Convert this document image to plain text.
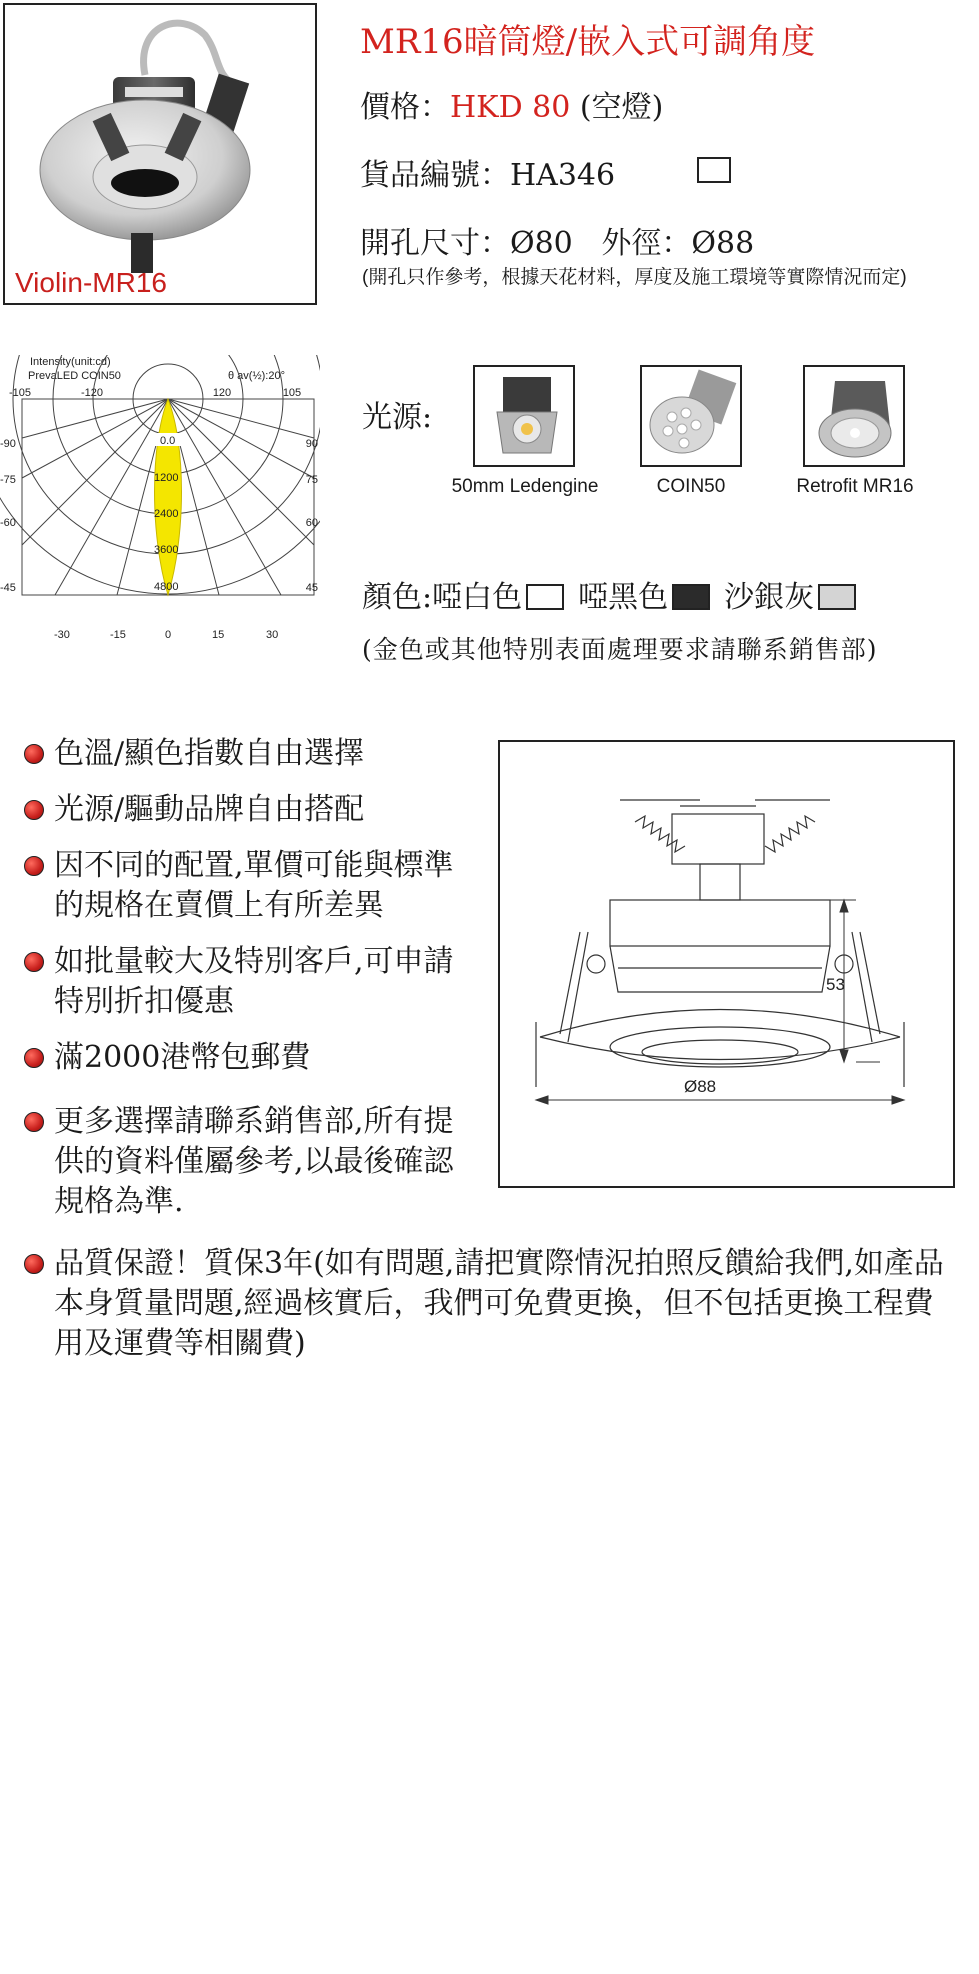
Violin-MR16
MR16暗筒燈/嵌入式可調角度
價格：HKD 80 (空燈)
貨品編號：HA346
開孔尺寸：Ø80 外徑：Ø88
(開孔只作參考，根據天花材料，厚度及施工環境等實際情況而定)
Intensity(unit:cd)
PrevaLED COIN50	θ av(½):20°
-105	-120	120	105
0.0
1200
2400
3600
4800
-90
-75
-60
-45
90
75
60
45
-30	-15	0	15	30
光源:
50mm Ledengine	COIN50	Retrofit MR16
顏色:啞白色 啞黑色 沙銀灰
(金色或其他特別表面處理要求請聯系銷售部)
色溫/顯色指數自由選擇
光源/驅動品牌自由搭配
因不同的配置,單價可能與標準的規格在賣價上有所差異
如批量較大及特別客戶,可申請特別折扣優惠
滿2000港幣包郵費
更多選擇請聯系銷售部,所有提供的資料僅屬參考,以最後確認規格為準.
品質保證！質保3年(如有問題,請把實際情況拍照反饋給我們,如產品本身質量問題,經過核實后，我們可免費更換，但不包括更換工程費用及運費等相關費)
53
Ø88
